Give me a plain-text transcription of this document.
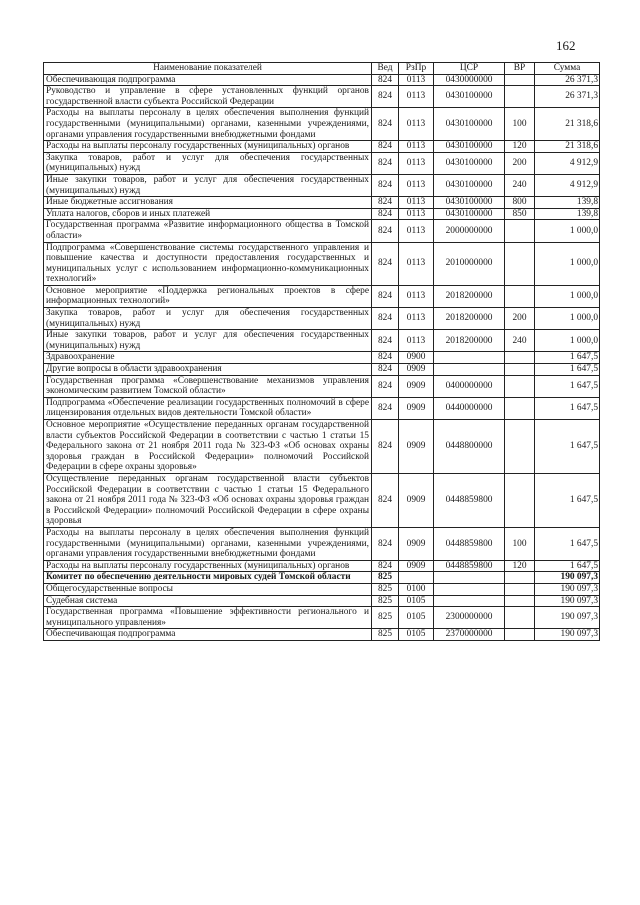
162
Наименование показателей	Вед	РзПр	ЦСР	ВР	Сумма
Обеспечивающая подпрограмма	824	0113	0430000000		26 371,3
Руководство и управление в сфере установленных функций органов государственной власти субъекта Российской Федерации	824	0113	0430100000		26 371,3
Расходы на выплаты персоналу в целях обеспечения выполнения функций государственными (муниципальными) органами, казенными учреждениями, органами управления государственными внебюджетными фондами	824	0113	0430100000	100	21 318,6
Расходы на выплаты персоналу государственных (муниципальных) органов	824	0113	0430100000	120	21 318,6
Закупка товаров, работ и услуг для обеспечения государственных (муниципальных) нужд	824	0113	0430100000	200	4 912,9
Иные закупки товаров, работ и услуг для обеспечения государственных (муниципальных) нужд	824	0113	0430100000	240	4 912,9
Иные бюджетные ассигнования	824	0113	0430100000	800	139,8
Уплата налогов, сборов и иных платежей	824	0113	0430100000	850	139,8
Государственная программа «Развитие информационного общества в Томской области»	824	0113	2000000000		1 000,0
Подпрограмма «Совершенствование системы государственного управления и повышение качества и доступности предоставления государственных и муниципальных услуг с использованием информационно-коммуникационных технологий»	824	0113	2010000000		1 000,0
Основное мероприятие «Поддержка региональных проектов в сфере информационных технологий»	824	0113	2018200000		1 000,0
Закупка товаров, работ и услуг для обеспечения государственных (муниципальных) нужд	824	0113	2018200000	200	1 000,0
Иные закупки товаров, работ и услуг для обеспечения государственных (муниципальных) нужд	824	0113	2018200000	240	1 000,0
Здравоохранение	824	0900			1 647,5
Другие вопросы в области здравоохранения	824	0909			1 647,5
Государственная программа «Совершенствование механизмов управления экономическим развитием Томской области»	824	0909	0400000000		1 647,5
Подпрограмма «Обеспечение реализации государственных полномочий в сфере лицензирования отдельных видов деятельности Томской области»	824	0909	0440000000		1 647,5
Основное мероприятие «Осуществление переданных органам государственной власти субъектов Российской Федерации в соответствии с частью 1 статьи 15 Федерального закона от 21 ноября 2011 года № 323-ФЗ «Об основах охраны здоровья граждан в Российской Федерации» полномочий Российской Федерации в сфере охраны здоровья»	824	0909	0448800000		1 647,5
Осуществление переданных органам государственной власти субъектов Российской Федерации в соответствии с частью 1 статьи 15 Федерального закона от 21 ноября 2011 года № 323-ФЗ «Об основах охраны здоровья граждан в Российской Федерации» полномочий Российской Федерации в сфере охраны здоровья	824	0909	0448859800		1 647,5
Расходы на выплаты персоналу в целях обеспечения выполнения функций государственными (муниципальными) органами, казенными учреждениями, органами управления государственными внебюджетными фондами	824	0909	0448859800	100	1 647,5
Расходы на выплаты персоналу государственных (муниципальных) органов	824	0909	0448859800	120	1 647,5
Комитет по обеспечению деятельности мировых судей Томской области	825				190 097,3
Общегосударственные вопросы	825	0100			190 097,3
Судебная система	825	0105			190 097,3
Государственная программа «Повышение эффективности регионального и муниципального управления»	825	0105	2300000000		190 097,3
Обеспечивающая подпрограмма	825	0105	2370000000		190 097,3
